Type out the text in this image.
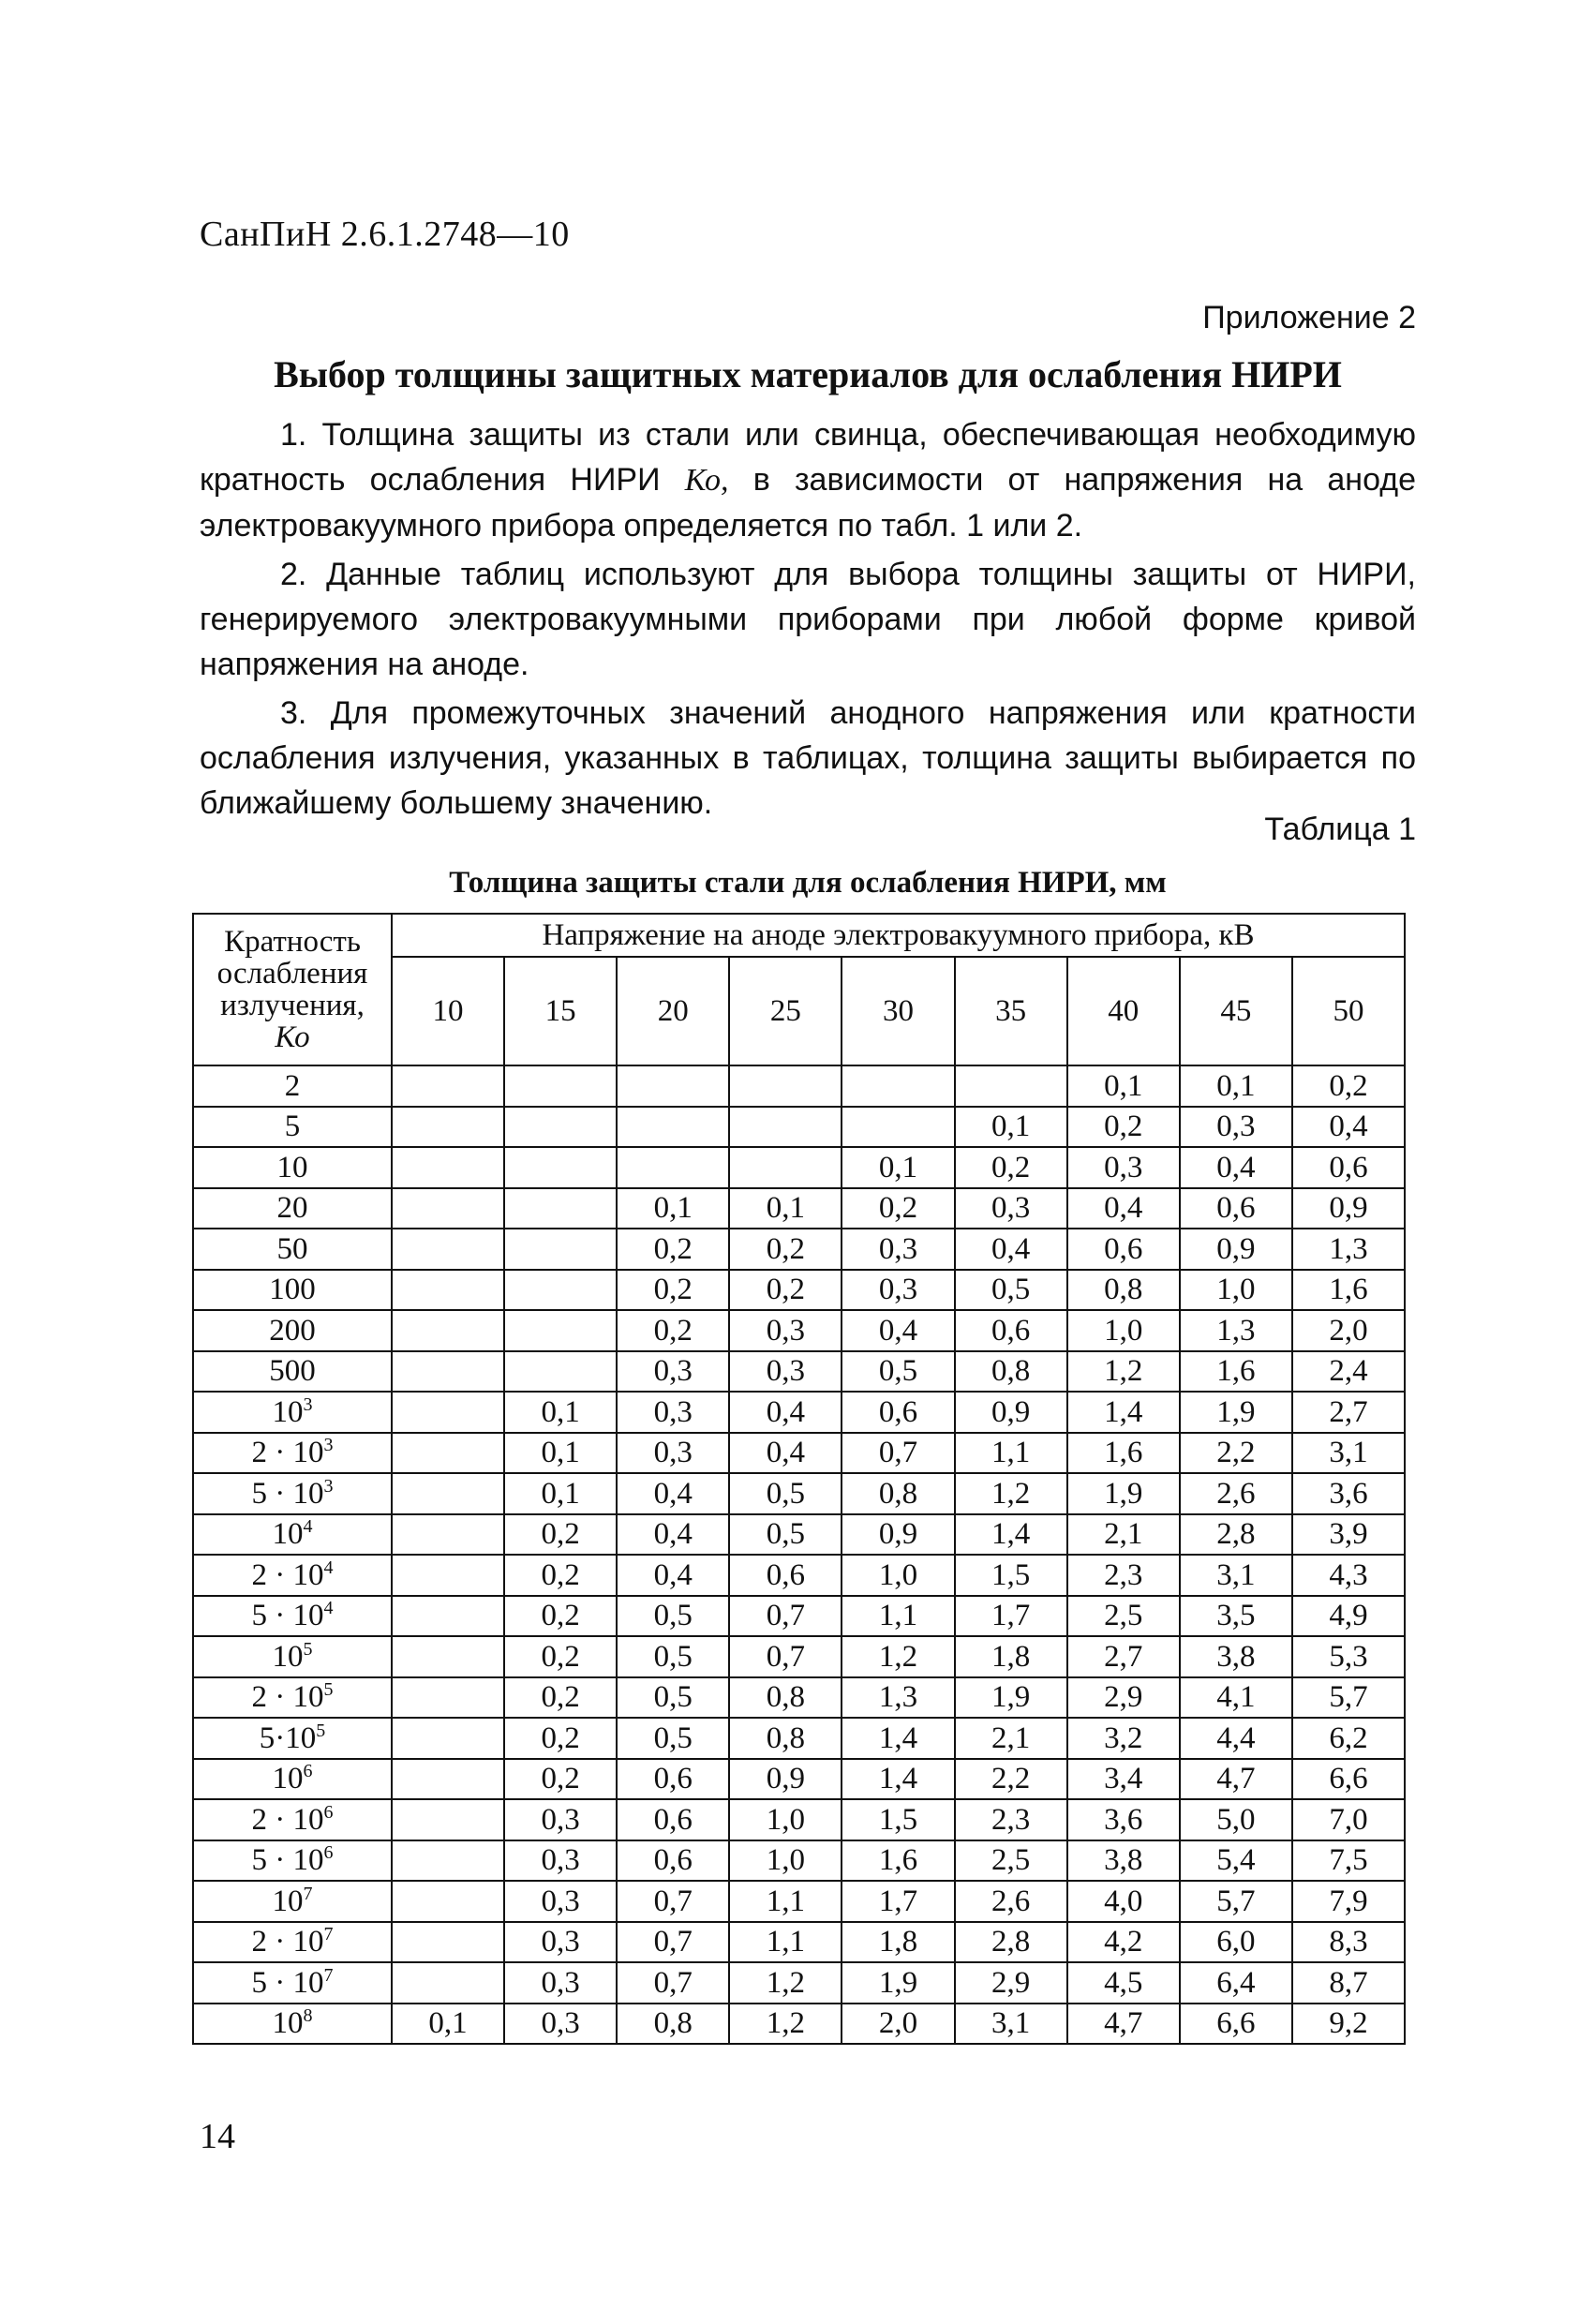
СанПиН 2.6.1.2748—10
Приложение 2
Выбор толщины защитных материалов для ослабления НИРИ

1. Толщина защиты из стали или свинца, обеспечивающая необходимую кратность ослабления НИРИ Ко, в зависимости от напряжения на аноде электровакуумного прибора определяется по табл. 1 или 2.

2. Данные таблиц используют для выбора толщины защиты от НИРИ, генерируемого электровакуумными приборами при любой форме кривой напряжения на аноде.

3. Для промежуточных значений анодного напряжения или кратности ослабления излучения, указанных в таблицах, толщина защиты выбирается по ближайшему большему значению.

Таблица 1
Толщина защиты стали для ослабления НИРИ, мм
Кратность
ослабления
излучения,
Ко	Напряжение на аноде электровакуумного прибора, кВ								
	10	15	20	25	30	35	40	45	50
2							0,1	0,1	0,2
5						0,1	0,2	0,3	0,4
10					0,1	0,2	0,3	0,4	0,6
20			0,1	0,1	0,2	0,3	0,4	0,6	0,9
50			0,2	0,2	0,3	0,4	0,6	0,9	1,3
100			0,2	0,2	0,3	0,5	0,8	1,0	1,6
200			0,2	0,3	0,4	0,6	1,0	1,3	2,0
500			0,3	0,3	0,5	0,8	1,2	1,6	2,4
$10^3$		0,1	0,3	0,4	0,6	0,9	1,4	1,9	2,7
$2 \cdot 10^3$		0,1	0,3	0,4	0,7	1,1	1,6	2,2	3,1
$5 \cdot 10^3$		0,1	0,4	0,5	0,8	1,2	1,9	2,6	3,6
$10^4$		0,2	0,4	0,5	0,9	1,4	2,1	2,8	3,9
$2 \cdot 10^4$		0,2	0,4	0,6	1,0	1,5	2,3	3,1	4,3
$5 \cdot 10^4$		0,2	0,5	0,7	1,1	1,7	2,5	3,5	4,9
$10^5$		0,2	0,5	0,7	1,2	1,8	2,7	3,8	5,3
$2 \cdot 10^5$		0,2	0,5	0,8	1,3	1,9	2,9	4,1	5,7
$5\cdot 10^5$		0,2	0,5	0,8	1,4	2,1	3,2	4,4	6,2
$10^6$		0,2	0,6	0,9	1,4	2,2	3,4	4,7	6,6
$2 \cdot 10^6$		0,3	0,6	1,0	1,5	2,3	3,6	5,0	7,0
$5 \cdot 10^6$		0,3	0,6	1,0	1,6	2,5	3,8	5,4	7,5
$10^7$		0,3	0,7	1,1	1,7	2,6	4,0	5,7	7,9
$2 \cdot 10^7$		0,3	0,7	1,1	1,8	2,8	4,2	6,0	8,3
$5 \cdot 10^7$		0,3	0,7	1,2	1,9	2,9	4,5	6,4	8,7
$10^8$	0,1	0,3	0,8	1,2	2,0	3,1	4,7	6,6	9,2
14
